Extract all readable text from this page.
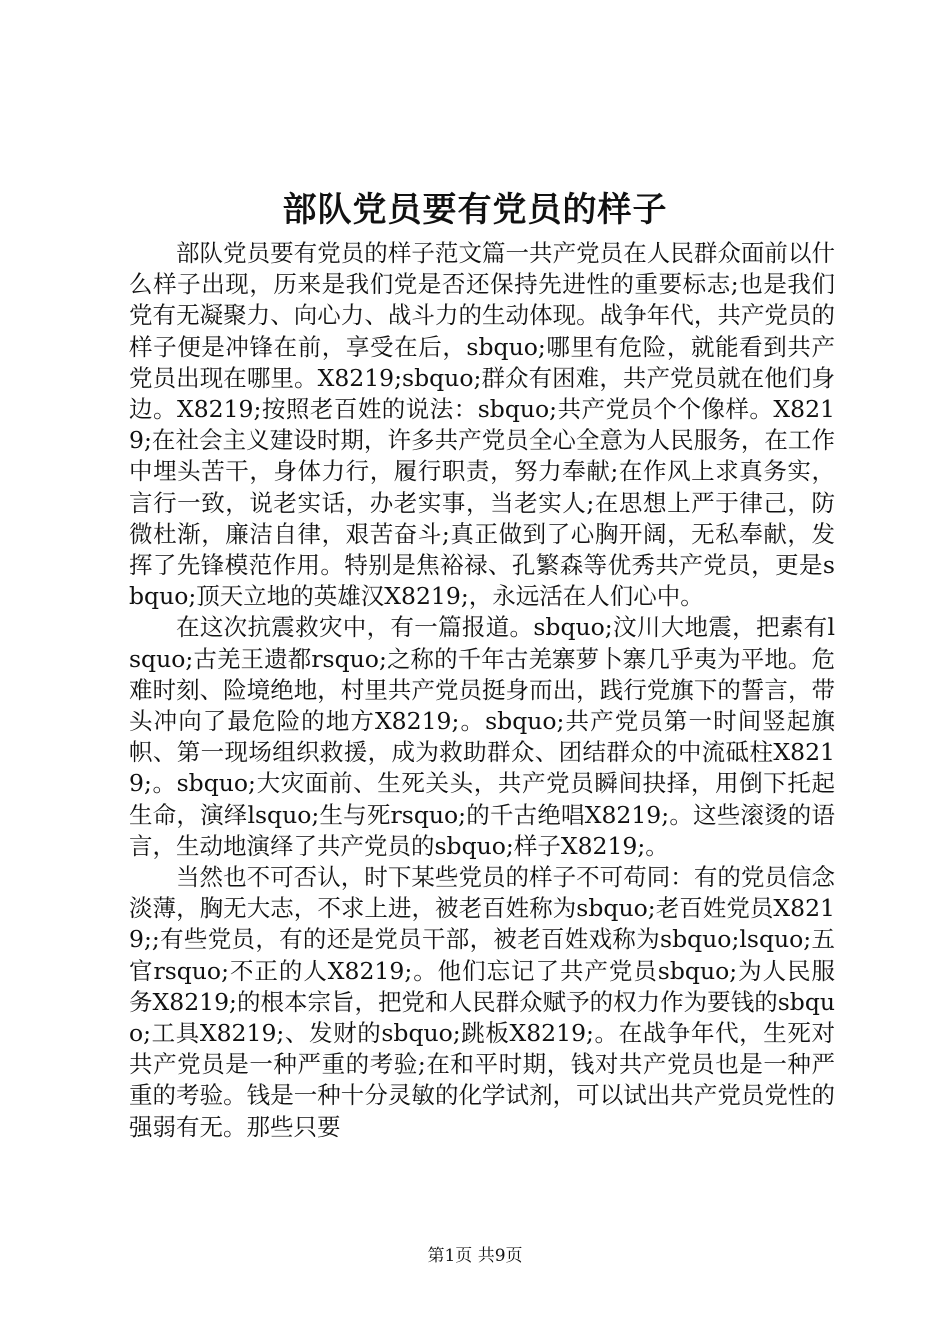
部队党员要有党员的样子

部队党员要有党员的样子范文篇一共产党员在人民群众面前以什么样子出现，历来是我们党是否还保持先进性的重要标志;也是我们党有无凝聚力、向心力、战斗力的生动体现。战争年代，共产党员的样子便是冲锋在前，享受在后，sbquo;哪里有危险，就能看到共产党员出现在哪里。X8219;sbquo;群众有困难，共产党员就在他们身边。X8219;按照老百姓的说法：sbquo;共产党员个个像样。X8219;在社会主义建设时期，许多共产党员全心全意为人民服务，在工作中埋头苦干，身体力行，履行职责，努力奉献;在作风上求真务实，言行一致，说老实话，办老实事，当老实人;在思想上严于律己，防微杜渐，廉洁自律，艰苦奋斗;真正做到了心胸开阔，无私奉献，发挥了先锋模范作用。特别是焦裕禄、孔繁森等优秀共产党员，更是sbquo;顶天立地的英雄汉X8219;，永远活在人们心中。

在这次抗震救灾中，有一篇报道。sbquo;汶川大地震，把素有lsquo;古羌王遗都rsquo;之称的千年古羌寨萝卜寨几乎夷为平地。危难时刻、险境绝地，村里共产党员挺身而出，践行党旗下的誓言，带头冲向了最危险的地方X8219;。sbquo;共产党员第一时间竖起旗帜、第一现场组织救援，成为救助群众、团结群众的中流砥柱X8219;。sbquo;大灾面前、生死关头，共产党员瞬间抉择，用倒下托起生命，演绎lsquo;生与死rsquo;的千古绝唱X8219;。这些滚烫的语言，生动地演绎了共产党员的sbquo;样子X8219;。

当然也不可否认，时下某些党员的样子不可苟同：有的党员信念淡薄，胸无大志，不求上进，被老百姓称为sbquo;老百姓党员X8219;;有些党员，有的还是党员干部，被老百姓戏称为sbquo;lsquo;五官rsquo;不正的人X8219;。他们忘记了共产党员sbquo;为人民服务X8219;的根本宗旨，把党和人民群众赋予的权力作为要钱的sbquo;工具X8219;、发财的sbquo;跳板X8219;。在战争年代，生死对共产党员是一种严重的考验;在和平时期，钱对共产党员也是一种严重的考验。钱是一种十分灵敏的化学试剂，可以试出共产党员党性的强弱有无。那些只要

第1页 共9页
